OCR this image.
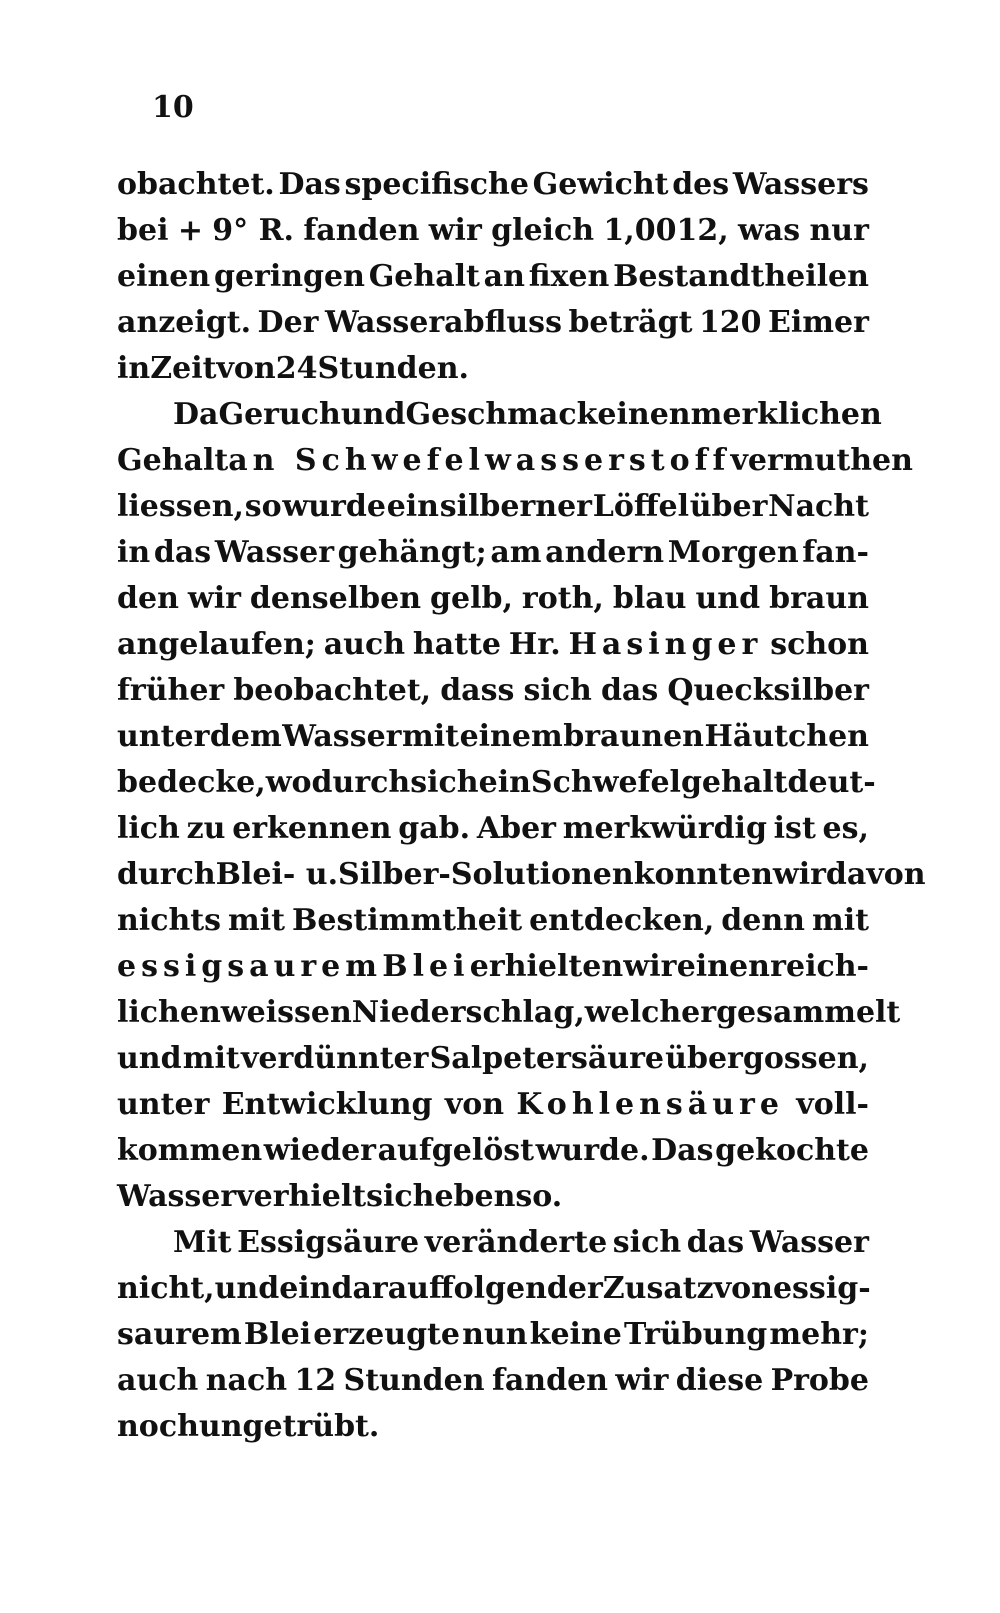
10
obachtet. Das specifische Gewicht des Wassers
bei + 9° R. fanden wir gleich 1,0012, was nur
einen geringen Gehalt an fixen Bestandtheilen
anzeigt. Der Wasserabfluss beträgt 120 Eimer
in Zeit von 24 Stunden.
Da Geruch und Geschmack einen merklichen
Gehalt an Schwefelwasserstoff vermuthen
liessen, so wurde ein silberner Löffel über Nacht
in das Wasser gehängt; am andern Morgen fan-
den wir denselben gelb, roth, blau und braun
angelaufen; auch hatte Hr. Hasinger schon
früher beobachtet, dass sich das Quecksilber
unter dem Wasser mit einem braunen Häutchen
bedecke, wodurch sich ein Schwefelgehalt deut-
lich zu erkennen gab. Aber merkwürdig ist es,
durch Blei- u.Silber-Solutionen konnten wir davon
nichts mit Bestimmtheit entdecken, denn mit
essigsaurem Blei erhielten wir einen reich-
lichen weissen Niederschlag, welcher gesammelt
und mit verdünnter Salpetersäure übergossen,
unter Entwicklung von Kohlensäure voll-
kommen wieder aufgelöst wurde. Das gekochte
Wasser verhielt sich eben so.
Mit Essigsäure veränderte sich das Wasser
nicht, und ein darauffolgender Zusatz von essig-
saurem Blei erzeugte nun keine Trübung mehr;
auch nach 12 Stunden fanden wir diese Probe
noch ungetrübt.
